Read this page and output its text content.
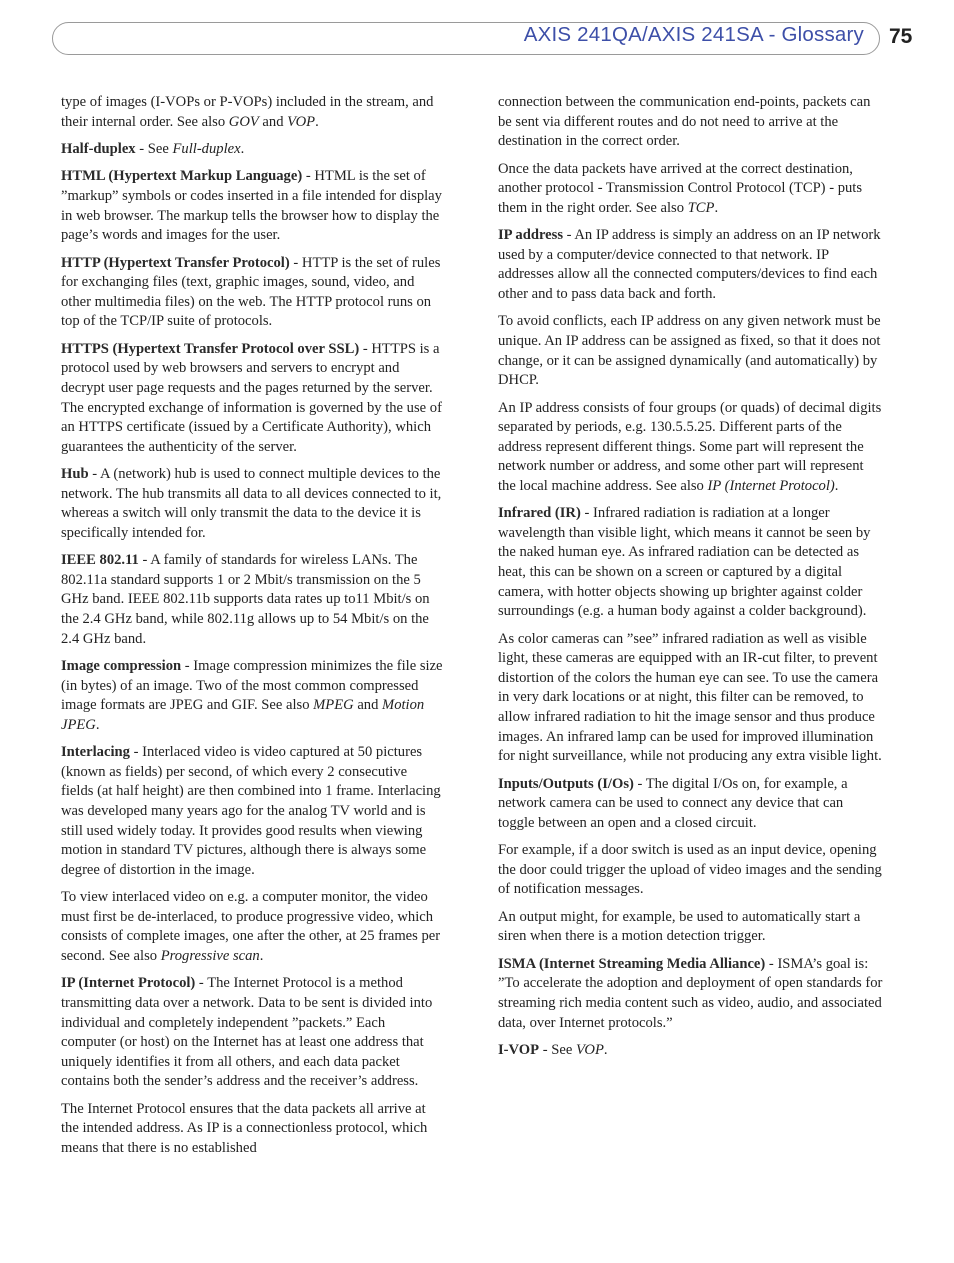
AXIS 241QA/AXIS 241SA - Glossary 75

type of images (I-VOPs or P-VOPs) included in the stream, and their internal order. See also GOV and VOP.

Half-duplex - See Full-duplex.

HTML (Hypertext Markup Language) - HTML is the set of ”markup” symbols or codes inserted in a file intended for display in web browser. The markup tells the browser how to display the page’s words and images for the user.

HTTP (Hypertext Transfer Protocol) - HTTP is the set of rules for exchanging files (text, graphic images, sound, video, and other multimedia files) on the web. The HTTP protocol runs on top of the TCP/IP suite of protocols.

HTTPS (Hypertext Transfer Protocol over SSL) - HTTPS is a protocol used by web browsers and servers to encrypt and decrypt user page requests and the pages returned by the server. The encrypted exchange of information is governed by the use of an HTTPS certificate (issued by a Certificate Authority), which guarantees the authenticity of the server.

Hub - A (network) hub is used to connect multiple devices to the network. The hub transmits all data to all devices connected to it, whereas a switch will only transmit the data to the device it is specifically intended for.

IEEE 802.11 - A family of standards for wireless LANs. The 802.11a standard supports 1 or 2 Mbit/s transmission on the 5 GHz band. IEEE 802.11b supports data rates up to11 Mbit/s on the 2.4 GHz band, while 802.11g allows up to 54 Mbit/s on the 2.4 GHz band.

Image compression - Image compression minimizes the file size (in bytes) of an image. Two of the most common compressed image formats are JPEG and GIF. See also MPEG and Motion JPEG.

Interlacing - Interlaced video is video captured at 50 pictures (known as fields) per second, of which every 2 consecutive fields (at half height) are then combined into 1 frame. Interlacing was developed many years ago for the analog TV world and is still used widely today. It provides good results when viewing motion in standard TV pictures, although there is always some degree of distortion in the image.

To view interlaced video on e.g. a computer monitor, the video must first be de-interlaced, to produce progressive video, which consists of complete images, one after the other, at 25 frames per second. See also Progressive scan.

IP (Internet Protocol) - The Internet Protocol is a method transmitting data over a network. Data to be sent is divided into individual and completely independent ”packets.” Each computer (or host) on the Internet has at least one address that uniquely identifies it from all others, and each data packet contains both the sender’s address and the receiver’s address.

The Internet Protocol ensures that the data packets all arrive at the intended address. As IP is a connectionless protocol, which means that there is no established

connection between the communication end-points, packets can be sent via different routes and do not need to arrive at the destination in the correct order.

Once the data packets have arrived at the correct destination, another protocol - Transmission Control Protocol (TCP) - puts them in the right order. See also TCP.

IP address - An IP address is simply an address on an IP network used by a computer/device connected to that network. IP addresses allow all the connected computers/devices to find each other and to pass data back and forth.

To avoid conflicts, each IP address on any given network must be unique. An IP address can be assigned as fixed, so that it does not change, or it can be assigned dynamically (and automatically) by DHCP.

An IP address consists of four groups (or quads) of decimal digits separated by periods, e.g. 130.5.5.25. Different parts of the address represent different things. Some part will represent the network number or address, and some other part will represent the local machine address. See also IP (Internet Protocol).

Infrared (IR) - Infrared radiation is radiation at a longer wavelength than visible light, which means it cannot be seen by the naked human eye. As infrared radiation can be detected as heat, this can be shown on a screen or captured by a digital camera, with hotter objects showing up brighter against colder surroundings (e.g. a human body against a colder background).

As color cameras can ”see” infrared radiation as well as visible light, these cameras are equipped with an IR-cut filter, to prevent distortion of the colors the human eye can see. To use the camera in very dark locations or at night, this filter can be removed, to allow infrared radiation to hit the image sensor and thus produce images. An infrared lamp can be used for improved illumination for night surveillance, while not producing any extra visible light.

Inputs/Outputs (I/Os) - The digital I/Os on, for example, a network camera can be used to connect any device that can toggle between an open and a closed circuit.

For example, if a door switch is used as an input device, opening the door could trigger the upload of video images and the sending of notification messages.

An output might, for example, be used to automatically start a siren when there is a motion detection trigger.

ISMA (Internet Streaming Media Alliance) - ISMA’s goal is: ”To accelerate the adoption and deployment of open standards for streaming rich media content such as video, audio, and associated data, over Internet protocols.”

I-VOP - See VOP.
